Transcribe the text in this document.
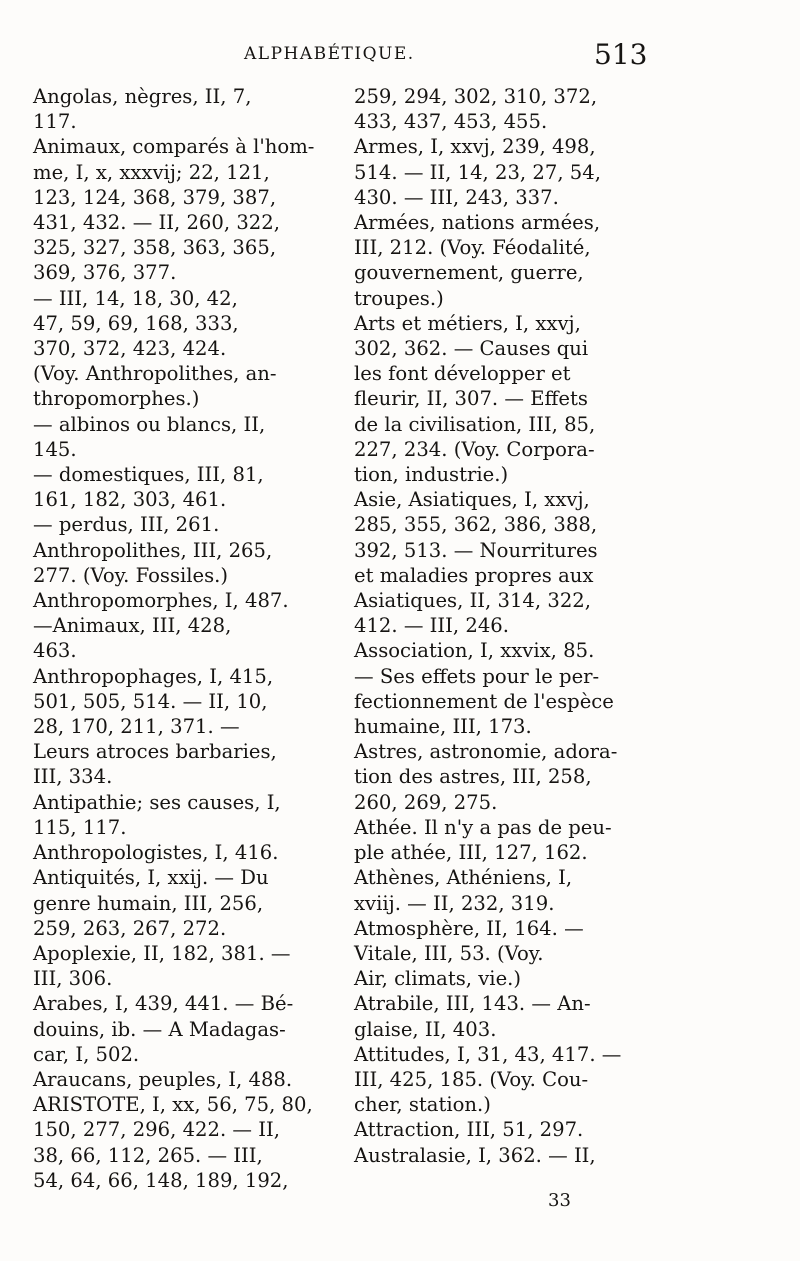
ALPHABÉTIQUE.	513
Angolas, nègres, II, 7,
117.
Animaux, comparés à l'hom-
me, I, x, xxxvij; 22, 121,
123, 124, 368, 379, 387,
431, 432. — II, 260, 322,
325, 327, 358, 363, 365,
369, 376, 377.
— III, 14, 18, 30, 42,
47, 59, 69, 168, 333,
370, 372, 423, 424.
(Voy. Anthropolithes, an-
thropomorphes.)
— albinos ou blancs, II,
145.
— domestiques, III, 81,
161, 182, 303, 461.
— perdus, III, 261.
Anthropolithes, III, 265,
277. (Voy. Fossiles.)
Anthropomorphes, I, 487.
—Animaux, III, 428,
463.
Anthropophages, I, 415,
501, 505, 514. — II, 10,
28, 170, 211, 371. —
Leurs atroces barbaries,
III, 334.
Antipathie; ses causes, I,
115, 117.
Anthropologistes, I, 416.
Antiquités, I, xxij. — Du
genre humain, III, 256,
259, 263, 267, 272.
Apoplexie, II, 182, 381. —
III, 306.
Arabes, I, 439, 441. — Bé-
douins, ib. — A Madagas-
car, I, 502.
Araucans, peuples, I, 488.
ARISTOTE, I, xx, 56, 75, 80,
150, 277, 296, 422. — II,
38, 66, 112, 265. — III,
54, 64, 66, 148, 189, 192,
259, 294, 302, 310, 372,
433, 437, 453, 455.
Armes, I, xxvj, 239, 498,
514. — II, 14, 23, 27, 54,
430. — III, 243, 337.
Armées, nations armées,
III, 212. (Voy. Féodalité,
gouvernement, guerre,
troupes.)
Arts et métiers, I, xxvj,
302, 362. — Causes qui
les font développer et
fleurir, II, 307. — Effets
de la civilisation, III, 85,
227, 234. (Voy. Corpora-
tion, industrie.)
Asie, Asiatiques, I, xxvj,
285, 355, 362, 386, 388,
392, 513. — Nourritures
et maladies propres aux
Asiatiques, II, 314, 322,
412. — III, 246.
Association, I, xxvix, 85.
— Ses effets pour le per-
fectionnement de l'espèce
humaine, III, 173.
Astres, astronomie, adora-
tion des astres, III, 258,
260, 269, 275.
Athée. Il n'y a pas de peu-
ple athée, III, 127, 162.
Athènes, Athéniens, I,
xviij. — II, 232, 319.
Atmosphère, II, 164. —
Vitale, III, 53. (Voy.
Air, climats, vie.)
Atrabile, III, 143. — An-
glaise, II, 403.
Attitudes, I, 31, 43, 417. —
III, 425, 185. (Voy. Cou-
cher, station.)
Attraction, III, 51, 297.
Australasie, I, 362. — II,
33
